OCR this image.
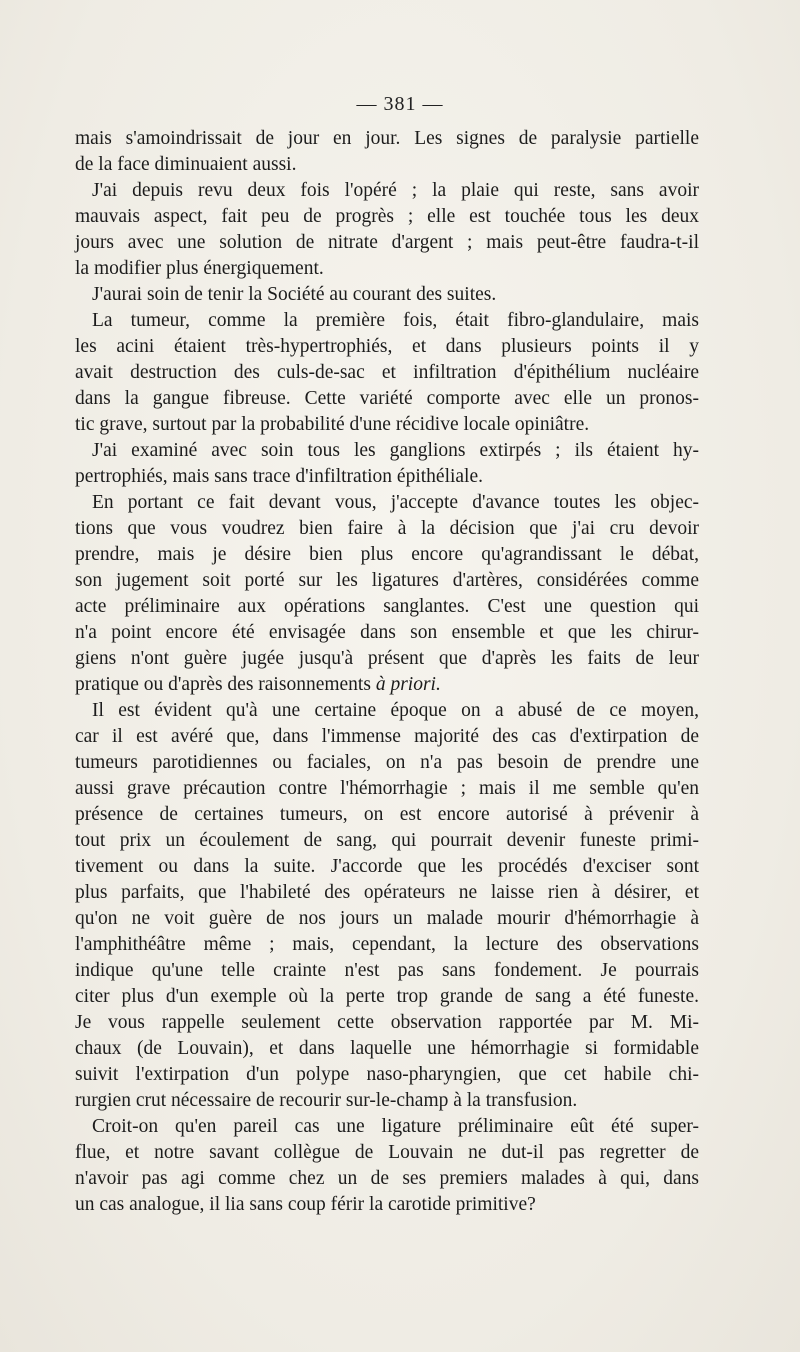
— 381 —
mais s'amoindrissait de jour en jour. Les signes de paralysie partielle
de la face diminuaient aussi.
J'ai depuis revu deux fois l'opéré ; la plaie qui reste, sans avoir
mauvais aspect, fait peu de progrès ; elle est touchée tous les deux
jours avec une solution de nitrate d'argent ; mais peut-être faudra-t-il
la modifier plus énergiquement.
J'aurai soin de tenir la Société au courant des suites.
La tumeur, comme la première fois, était fibro-glandulaire, mais
les acini étaient très-hypertrophiés, et dans plusieurs points il y
avait destruction des culs-de-sac et infiltration d'épithélium nucléaire
dans la gangue fibreuse. Cette variété comporte avec elle un pronos-
tic grave, surtout par la probabilité d'une récidive locale opiniâtre.
J'ai examiné avec soin tous les ganglions extirpés ; ils étaient hy-
pertrophiés, mais sans trace d'infiltration épithéliale.
En portant ce fait devant vous, j'accepte d'avance toutes les objec-
tions que vous voudrez bien faire à la décision que j'ai cru devoir
prendre, mais je désire bien plus encore qu'agrandissant le débat,
son jugement soit porté sur les ligatures d'artères, considérées comme
acte préliminaire aux opérations sanglantes. C'est une question qui
n'a point encore été envisagée dans son ensemble et que les chirur-
giens n'ont guère jugée jusqu'à présent que d'après les faits de leur
pratique ou d'après des raisonnements à priori.
Il est évident qu'à une certaine époque on a abusé de ce moyen,
car il est avéré que, dans l'immense majorité des cas d'extirpation de
tumeurs parotidiennes ou faciales, on n'a pas besoin de prendre une
aussi grave précaution contre l'hémorrhagie ; mais il me semble qu'en
présence de certaines tumeurs, on est encore autorisé à prévenir à
tout prix un écoulement de sang, qui pourrait devenir funeste primi-
tivement ou dans la suite. J'accorde que les procédés d'exciser sont
plus parfaits, que l'habileté des opérateurs ne laisse rien à désirer, et
qu'on ne voit guère de nos jours un malade mourir d'hémorrhagie à
l'amphithéâtre même ; mais, cependant, la lecture des observations
indique qu'une telle crainte n'est pas sans fondement. Je pourrais
citer plus d'un exemple où la perte trop grande de sang a été funeste.
Je vous rappelle seulement cette observation rapportée par M. Mi-
chaux (de Louvain), et dans laquelle une hémorrhagie si formidable
suivit l'extirpation d'un polype naso-pharyngien, que cet habile chi-
rurgien crut nécessaire de recourir sur-le-champ à la transfusion.
Croit-on qu'en pareil cas une ligature préliminaire eût été super-
flue, et notre savant collègue de Louvain ne dut-il pas regretter de
n'avoir pas agi comme chez un de ses premiers malades à qui, dans
un cas analogue, il lia sans coup férir la carotide primitive?
